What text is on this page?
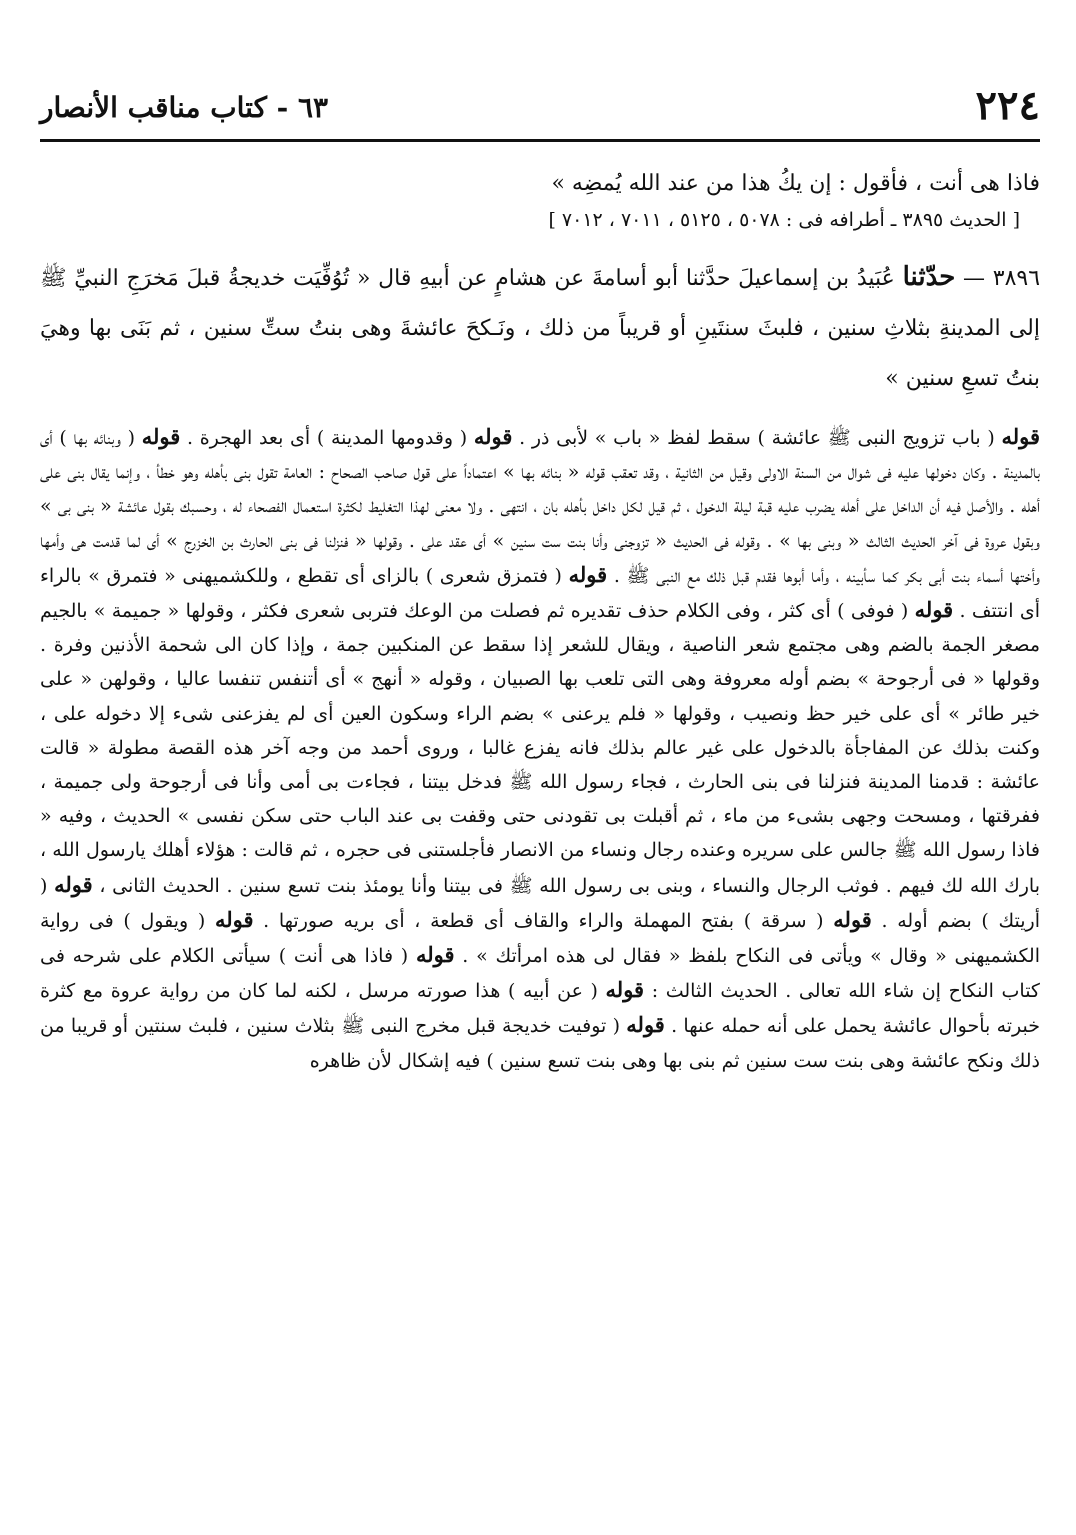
٢٢٤
٦٣ - كتاب مناقب الأنصار
فاذا هى أنت ، فأقول : إن يكُ هذا من عند الله يُمضِه »
[ الحديث ٣٨٩٥ ـ أطرافه فى : ٥٠٧٨ ، ٥١٢٥ ، ٧٠١١ ، ٧٠١٢ ]
٣٨٩٦ — حدّثنا عُبَيدُ بن إسماعيلَ حدَّثنا أبو أسامةَ عن هشامٍ عن أبيهِ قال « تُوُفِّيَت خديجةُ قبلَ مَخرَجِ النبيِّ ﷺ إلى المدينةِ بثلاثِ سنين ، فلبثَ سنتَينِ أو قريباً من ذلك ، ونَـكحَ عائشةَ وهى بنتُ ستِّ سنين ، ثم بَنَى بها وهيَ بنتُ تسعِ سنين »

قوله ( باب تزويج النبى ﷺ عائشة ) سقط لفظ « باب » لأبى ذر . قوله ( وقدومها المدينة ) أى بعد الهجرة . قوله ( وبنائه بها ) أى بالمدينة . وكان دخولها عليه فى شوال من السنة الاولى وقيل من الثانية ، وقد تعقب قوله « بنائه بها » اعتماداً على قول صاحب الصحاح : العامة تقول بنى بأهله وهو خطأ ، وإنما يقال بنى على أهله . والأصل فيه أن الداخل على أهله يضرب عليه قبة ليلة الدخول ، ثم قيل لكل داخل بأهله بان ، انتهى . ولا معنى لهذا التغليط لكثرة استعمال الفصحاء له ، وحسبك بقول عائشة « بنى بى » وبقول عروة فى آخر الحديث الثالث « وبنى بها » . وقوله فى الحديث « تزوجنى وأنا بنت ست سنين » أى عقد على . وقولها « فنزلنا فى بنى الحارث بن الخزرج » أى لما قدمت هى وأمها وأختها أسماء بنت أبى بكر كما سأبينه ، وأما أبوها فقدم قبل ذلك مع النبى ﷺ . قوله ( فتمزق شعرى ) بالزاى أى تقطع ، وللكشميهنى « فتمرق » بالراء أى انتتف . قوله ( فوفى ) أى كثر ، وفى الكلام حذف تقديره ثم فصلت من الوعك فتربى شعرى فكثر ، وقولها « جميمة » بالجيم مصغر الجمة بالضم وهى مجتمع شعر الناصية ، ويقال للشعر إذا سقط عن المنكبين جمة ، وإذا كان الى شحمة الأذنين وفرة . وقولها « فى أرجوحة » بضم أوله معروفة وهى التى تلعب بها الصبيان ، وقوله « أنهج » أى أتنفس تنفسا عاليا ، وقولهن « على خير طائر » أى على خير حظ ونصيب ، وقولها « فلم يرعنى » بضم الراء وسكون العين أى لم يفزعنى شىء إلا دخوله على ، وكنت بذلك عن المفاجأة بالدخول على غير عالم بذلك فانه يفزع غالبا ، وروى أحمد من وجه آخر هذه القصة مطولة « قالت عائشة : قدمنا المدينة فنزلنا فى بنى الحارث ، فجاء رسول الله ﷺ فدخل بيتنا ، فجاءت بى أمى وأنا فى أرجوحة ولى جميمة ، ففرقتها ، ومسحت وجهى بشىء من ماء ، ثم أقبلت بى تقودنى حتى وقفت بى عند الباب حتى سكن نفسى » الحديث ، وفيه « فاذا رسول الله ﷺ جالس على سريره وعنده رجال ونساء من الانصار فأجلستنى فى حجره ، ثم قالت : هؤلاء أهلك يارسول الله ، بارك الله لك فيهم . فوثب الرجال والنساء ، وبنى بى رسول الله ﷺ فى بيتنا وأنا يومئذ بنت تسع سنين . الحديث الثانى ، قوله ( أريتك ) بضم أوله . قوله ( سرقة ) بفتح المهملة والراء والقاف أى قطعة ، أى بريه صورتها . قوله ( ويقول ) فى رواية الكشميهنى « وقال » ويأتى فى النكاح بلفظ « فقال لى هذه امرأتك » . قوله ( فاذا هى أنت ) سيأتى الكلام على شرحه فى كتاب النكاح إن شاء الله تعالى . الحديث الثالث : قوله ( عن أبيه ) هذا صورته مرسل ، لكنه لما كان من رواية عروة مع كثرة خبرته بأحوال عائشة يحمل على أنه حمله عنها . قوله ( توفيت خديجة قبل مخرج النبى ﷺ بثلاث سنين ، فلبث سنتين أو قريبا من ذلك ونكح عائشة وهى بنت ست سنين ثم بنى بها وهى بنت تسع سنين ) فيه إشكال لأن ظاهره
